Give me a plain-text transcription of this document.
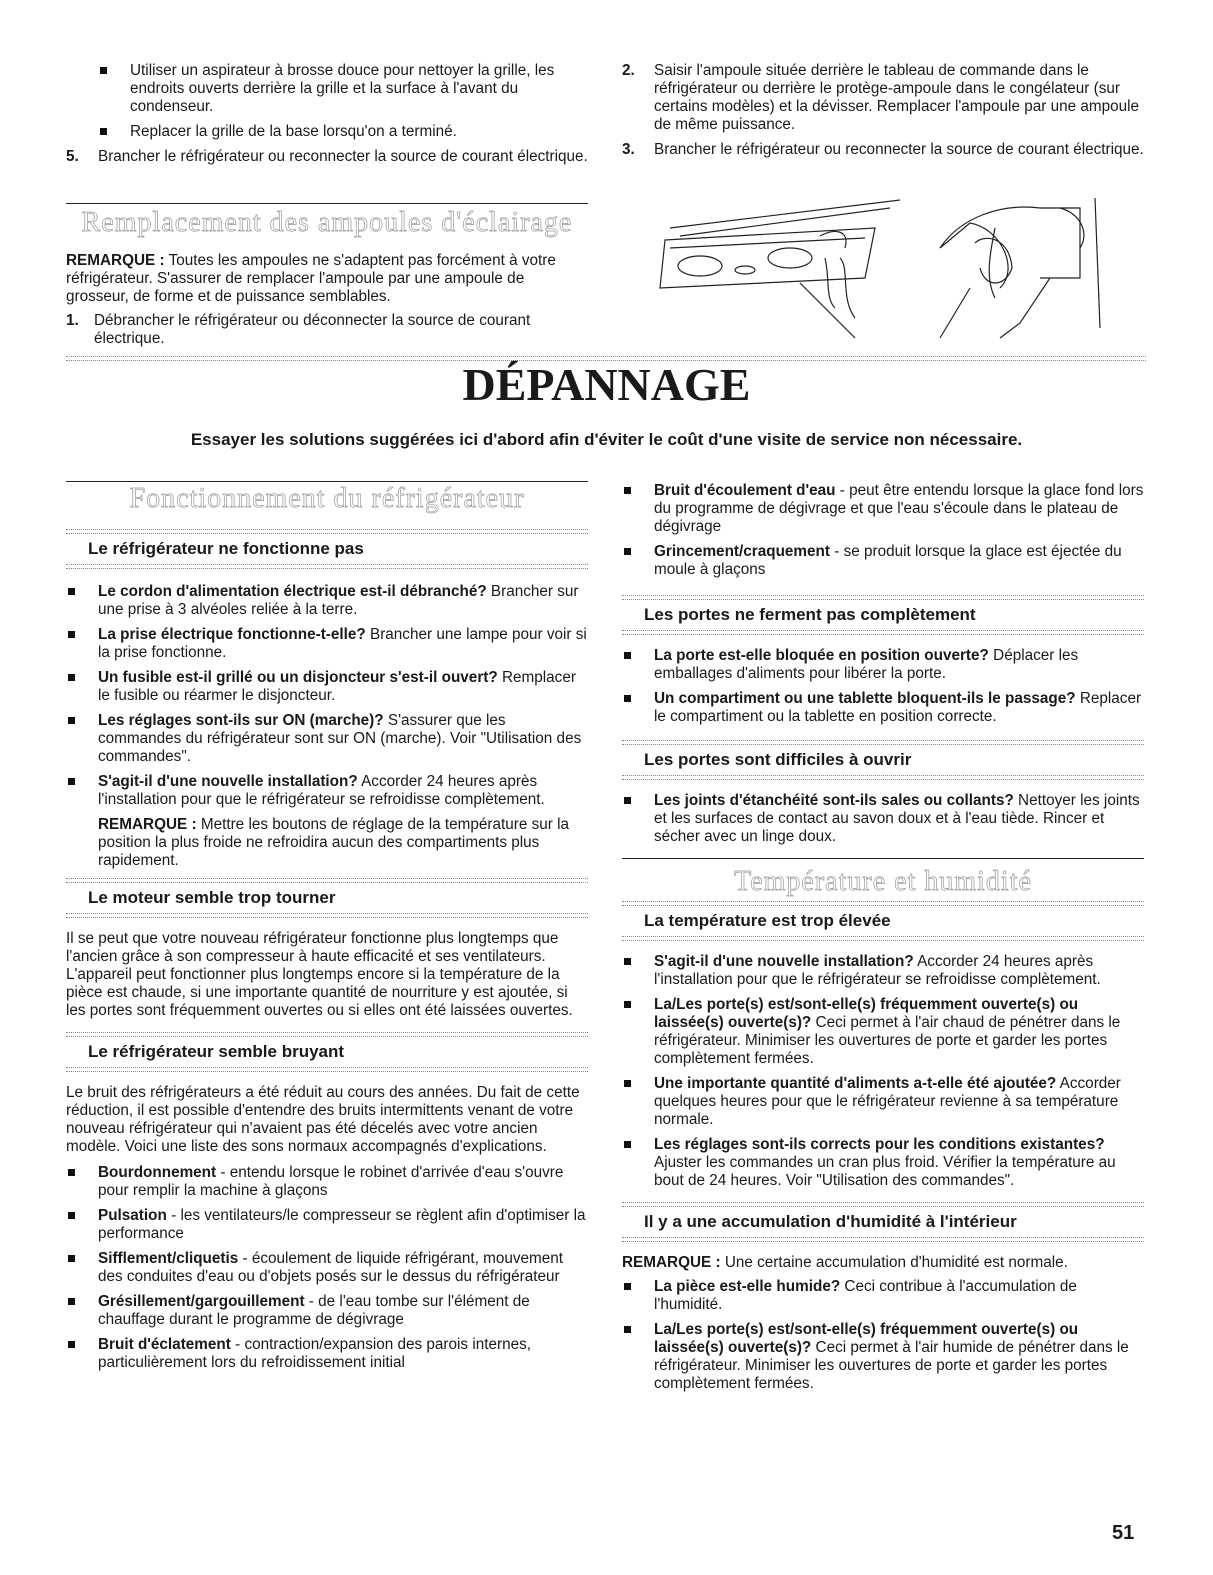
Utiliser un aspirateur à brosse douce pour nettoyer la grille, les endroits ouverts derrière la grille et la surface à l'avant du condenseur.

Replacer la grille de la base lorsqu'on a terminé.

5. Brancher le réfrigérateur ou reconnecter la source de courant électrique.
Remplacement des ampoules d'éclairage

REMARQUE : Toutes les ampoules ne s'adaptent pas forcément à votre réfrigérateur. S'assurer de remplacer l'ampoule par une ampoule de grosseur, de forme et de puissance semblables.

1. Débrancher le réfrigérateur ou déconnecter la source de courant électrique.
2. Saisir l'ampoule située derrière le tableau de commande dans le réfrigérateur ou derrière le protège-ampoule dans le congélateur (sur certains modèles) et la dévisser. Remplacer l'ampoule par une ampoule de même puissance.
3. Brancher le réfrigérateur ou reconnecter la source de courant électrique.
DÉPANNAGE
Essayer les solutions suggérées ici d'abord afin d'éviter le coût d'une visite de service non nécessaire.
Fonctionnement du réfrigérateur
Le réfrigérateur ne fonctionne pas

Le cordon d'alimentation électrique est-il débranché? Brancher sur une prise à 3 alvéoles reliée à la terre.

La prise électrique fonctionne-t-elle? Brancher une lampe pour voir si la prise fonctionne.

Un fusible est-il grillé ou un disjoncteur s'est-il ouvert? Remplacer le fusible ou réarmer le disjoncteur.

Les réglages sont-ils sur ON (marche)? S'assurer que les commandes du réfrigérateur sont sur ON (marche). Voir "Utilisation des commandes".

S'agit-il d'une nouvelle installation? Accorder 24 heures après l'installation pour que le réfrigérateur se refroidisse complètement.

REMARQUE : Mettre les boutons de réglage de la température sur la position la plus froide ne refroidira aucun des compartiments plus rapidement.

Le moteur semble trop tourner

Il se peut que votre nouveau réfrigérateur fonctionne plus longtemps que l'ancien grâce à son compresseur à haute efficacité et ses ventilateurs. L'appareil peut fonctionner plus longtemps encore si la température de la pièce est chaude, si une importante quantité de nourriture y est ajoutée, si les portes sont fréquemment ouvertes ou si elles ont été laissées ouvertes.

Le réfrigérateur semble bruyant

Le bruit des réfrigérateurs a été réduit au cours des années. Du fait de cette réduction, il est possible d'entendre des bruits intermittents venant de votre nouveau réfrigérateur qui n'avaient pas été décelés avec votre ancien modèle. Voici une liste des sons normaux accompagnés d'explications.

Bourdonnement - entendu lorsque le robinet d'arrivée d'eau s'ouvre pour remplir la machine à glaçons

Pulsation - les ventilateurs/le compresseur se règlent afin d'optimiser la performance

Sifflement/cliquetis - écoulement de liquide réfrigérant, mouvement des conduites d'eau ou d'objets posés sur le dessus du réfrigérateur

Grésillement/gargouillement - de l'eau tombe sur l'élément de chauffage durant le programme de dégivrage

Bruit d'éclatement - contraction/expansion des parois internes, particulièrement lors du refroidissement initial

Bruit d'écoulement d'eau - peut être entendu lorsque la glace fond lors du programme de dégivrage et que l'eau s'écoule dans le plateau de dégivrage

Grincement/craquement - se produit lorsque la glace est éjectée du moule à glaçons

Les portes ne ferment pas complètement

La porte est-elle bloquée en position ouverte? Déplacer les emballages d'aliments pour libérer la porte.

Un compartiment ou une tablette bloquent-ils le passage? Replacer le compartiment ou la tablette en position correcte.

Les portes sont difficiles à ouvrir

Les joints d'étanchéité sont-ils sales ou collants? Nettoyer les joints et les surfaces de contact au savon doux et à l'eau tiède. Rincer et sécher avec un linge doux.

Température et humidité
La température est trop élevée

S'agit-il d'une nouvelle installation? Accorder 24 heures après l'installation pour que le réfrigérateur se refroidisse complètement.

La/Les porte(s) est/sont-elle(s) fréquemment ouverte(s) ou laissée(s) ouverte(s)? Ceci permet à l'air chaud de pénétrer dans le réfrigérateur. Minimiser les ouvertures de porte et garder les portes complètement fermées.

Une importante quantité d'aliments a-t-elle été ajoutée? Accorder quelques heures pour que le réfrigérateur revienne à sa température normale.

Les réglages sont-ils corrects pour les conditions existantes? Ajuster les commandes un cran plus froid. Vérifier la température au bout de 24 heures. Voir "Utilisation des commandes".

Il y a une accumulation d'humidité à l'intérieur

REMARQUE : Une certaine accumulation d'humidité est normale.

La pièce est-elle humide? Ceci contribue à l'accumulation de l'humidité.

La/Les porte(s) est/sont-elle(s) fréquemment ouverte(s) ou laissée(s) ouverte(s)? Ceci permet à l'air humide de pénétrer dans le réfrigérateur. Minimiser les ouvertures de porte et garder les portes complètement fermées.

51
